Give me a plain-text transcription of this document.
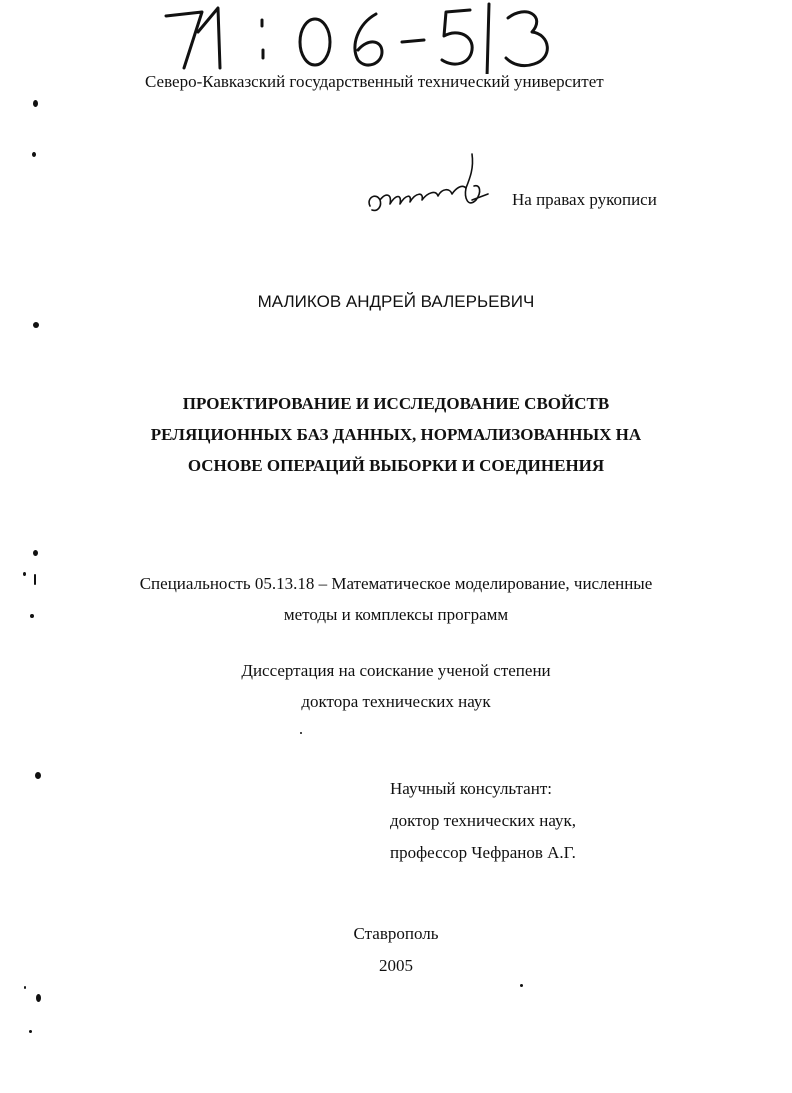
Северо-Кавказский государственный технический университет
На правах рукописи
МАЛИКОВ АНДРЕЙ ВАЛЕРЬЕВИЧ
ПРОЕКТИРОВАНИЕ И ИССЛЕДОВАНИЕ СВОЙСТВ
РЕЛЯЦИОННЫХ БАЗ ДАННЫХ, НОРМАЛИЗОВАННЫХ НА
ОСНОВЕ ОПЕРАЦИЙ ВЫБОРКИ И СОЕДИНЕНИЯ
Специальность 05.13.18 – Математическое моделирование, численные
методы и комплексы программ
Диссертация на соискание ученой степени
доктора технических наук
Научный консультант:
доктор технических наук,
профессор Чефранов А.Г.
Ставрополь
2005
